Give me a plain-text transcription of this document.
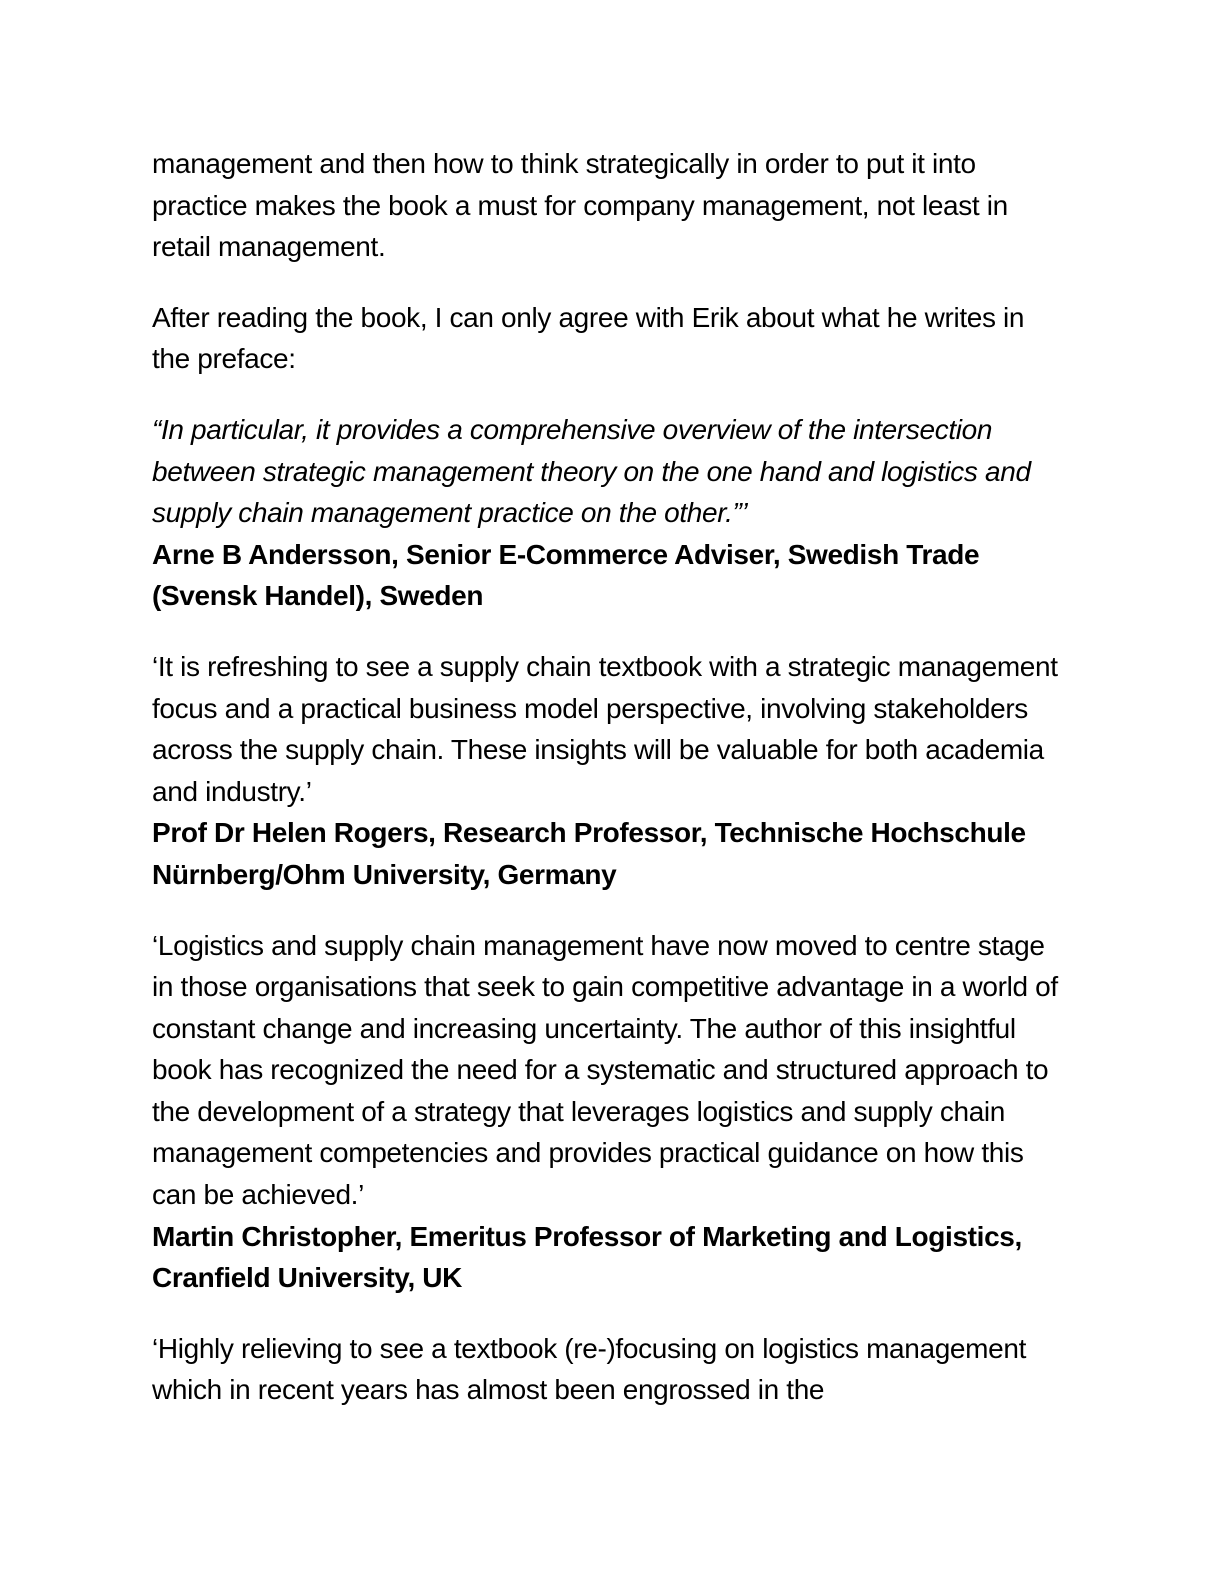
management and then how to think strategically in order to put it into practice makes the book a must for company management, not least in retail management.

After reading the book, I can only agree with Erik about what he writes in the preface:

“In particular, it provides a comprehensive overview of the intersection between strategic management theory on the one hand and logistics and supply chain management practice on the other.”’

Arne B Andersson, Senior E-Commerce Adviser, Swedish Trade (Svensk Handel), Sweden

‘It is refreshing to see a supply chain textbook with a strategic management focus and a practical business model perspective, involving stakeholders across the supply chain. These insights will be valuable for both academia and industry.’

Prof Dr Helen Rogers, Research Professor, Technische Hochschule Nürnberg/Ohm University, Germany

‘Logistics and supply chain management have now moved to centre stage in those organisations that seek to gain competitive advantage in a world of constant change and increasing uncertainty. The author of this insightful book has recognized the need for a systematic and structured approach to the development of a strategy that leverages logistics and supply chain management competencies and provides practical guidance on how this can be achieved.’

Martin Christopher, Emeritus Professor of Marketing and Logistics, Cranfield University, UK

‘Highly relieving to see a textbook (re-)focusing on logistics management which in recent years has almost been engrossed in the
